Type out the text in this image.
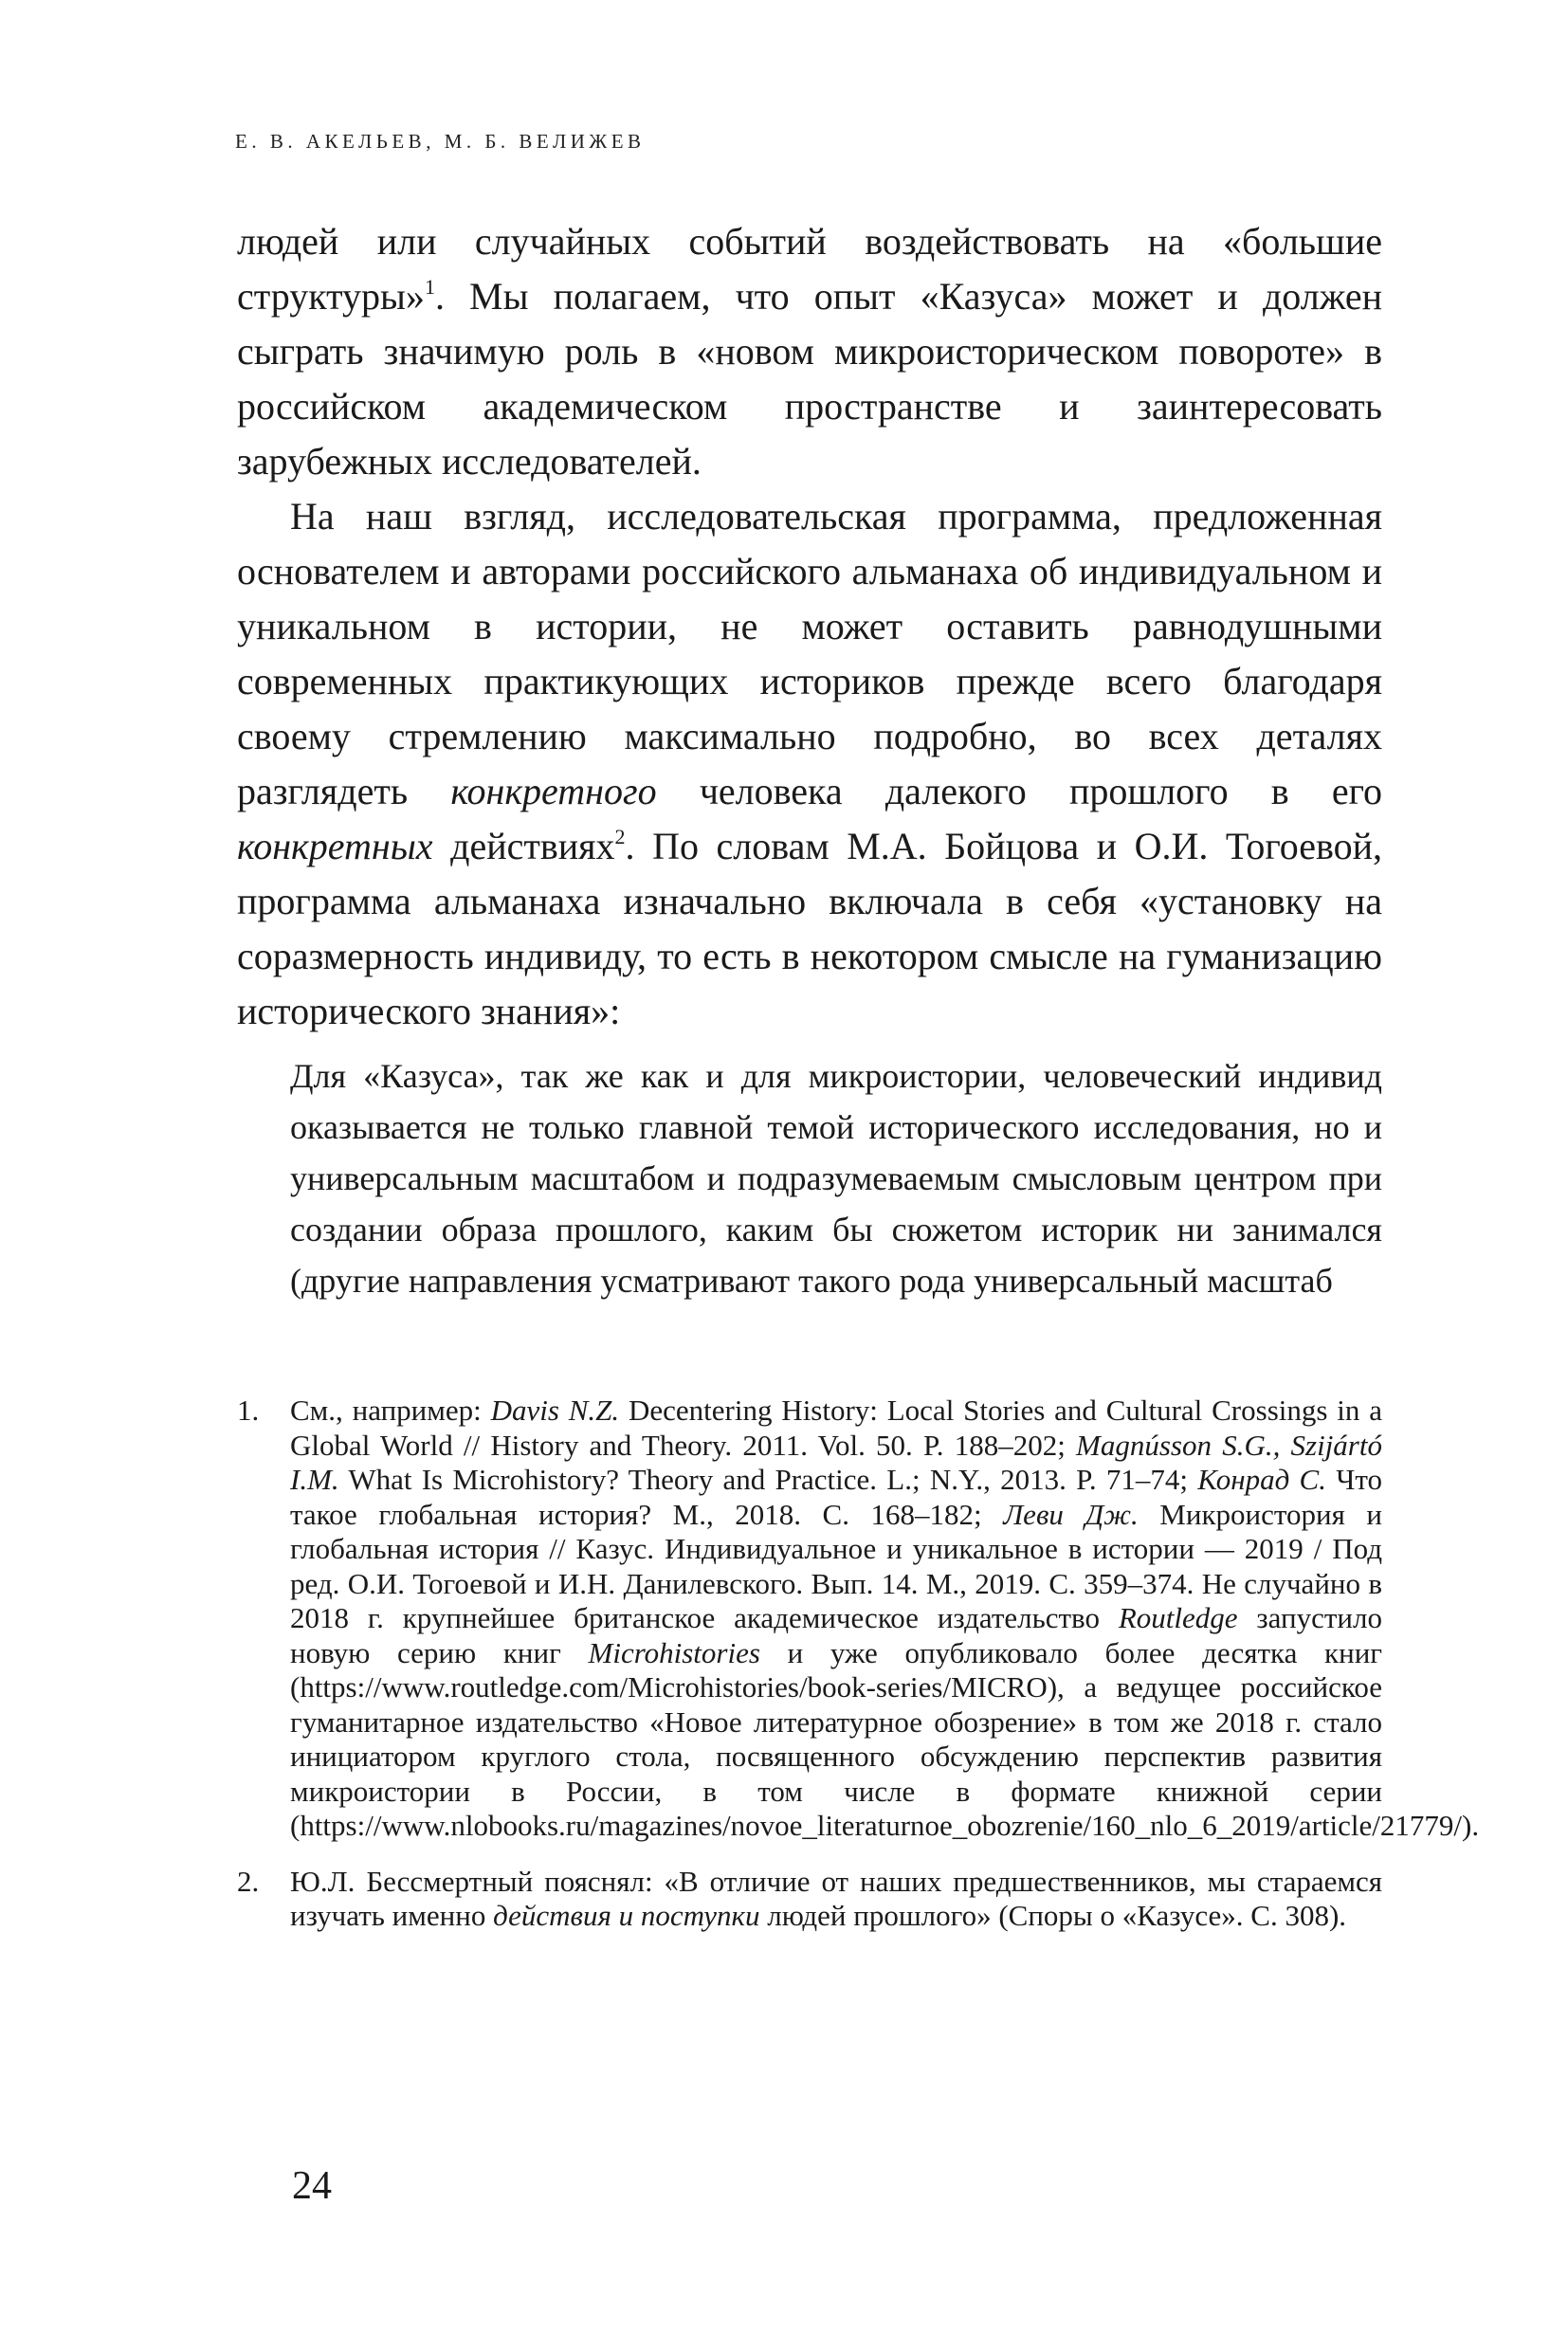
Е. В. АКЕЛЬЕВ, М. Б. ВЕЛИЖЕВ

людей или случайных событий воздействовать на «большие структуры»$^1$. Мы полагаем, что опыт «Казуса» может и должен сыграть значимую роль в «новом микроисторическом повороте» в российском академическом пространстве и заинтересовать зарубежных исследователей.

На наш взгляд, исследовательская программа, предложенная основателем и авторами российского альманаха об индивидуальном и уникальном в истории, не может оставить равнодушными современных практикующих историков прежде всего благодаря своему стремлению максимально подробно, во всех деталях разглядеть конкретного человека далекого прошлого в его конкретных действиях$^2$. По словам М.А. Бойцова и О.И. Тогоевой, программа альманаха изначально включала в себя «установку на соразмерность индивиду, то есть в некотором смысле на гуманизацию исторического знания»:

Для «Казуса», так же как и для микроистории, человеческий индивид оказывается не только главной темой исторического исследования, но и универсальным масштабом и подразумеваемым смысловым центром при создании образа прошлого, каким бы сюжетом историк ни занимался (другие направления усматривают такого рода универсальный масштаб

1. См., например: Davis N.Z. Decentering History: Local Stories and Cultural Crossings in a Global World // History and Theory. 2011. Vol. 50. P. 188–202; Magnússon S.G., Szijártó I.M. What Is Microhistory? Theory and Practice. L.; N.Y., 2013. P. 71–74; Конрад С. Что такое глобальная история? М., 2018. С. 168–182; Леви Дж. Микроистория и глобальная история // Казус. Индивидуальное и уникальное в истории — 2019 / Под ред. О.И. Тогоевой и И.Н. Данилевского. Вып. 14. М., 2019. С. 359–374. Не случайно в 2018 г. крупнейшее британское академическое издательство Routledge запустило новую серию книг Microhistories и уже опубликовало более десятка книг (https://www.routledge.com/Microhistories/book-series/MICRO), а ведущее российское гуманитарное издательство «Новое литературное обозрение» в том же 2018 г. стало инициатором круглого стола, посвященного обсуждению перспектив развития микроистории в России, в том числе в формате книжной серии (https://www.nlobooks.ru/magazines/novoe_literaturnoe_obozrenie/160_nlo_6_2019/article/21779/).
2. Ю.Л. Бессмертный пояснял: «В отличие от наших предшественников, мы стараемся изучать именно действия и поступки людей прошлого» (Споры о «Казусе». С. 308).
24
